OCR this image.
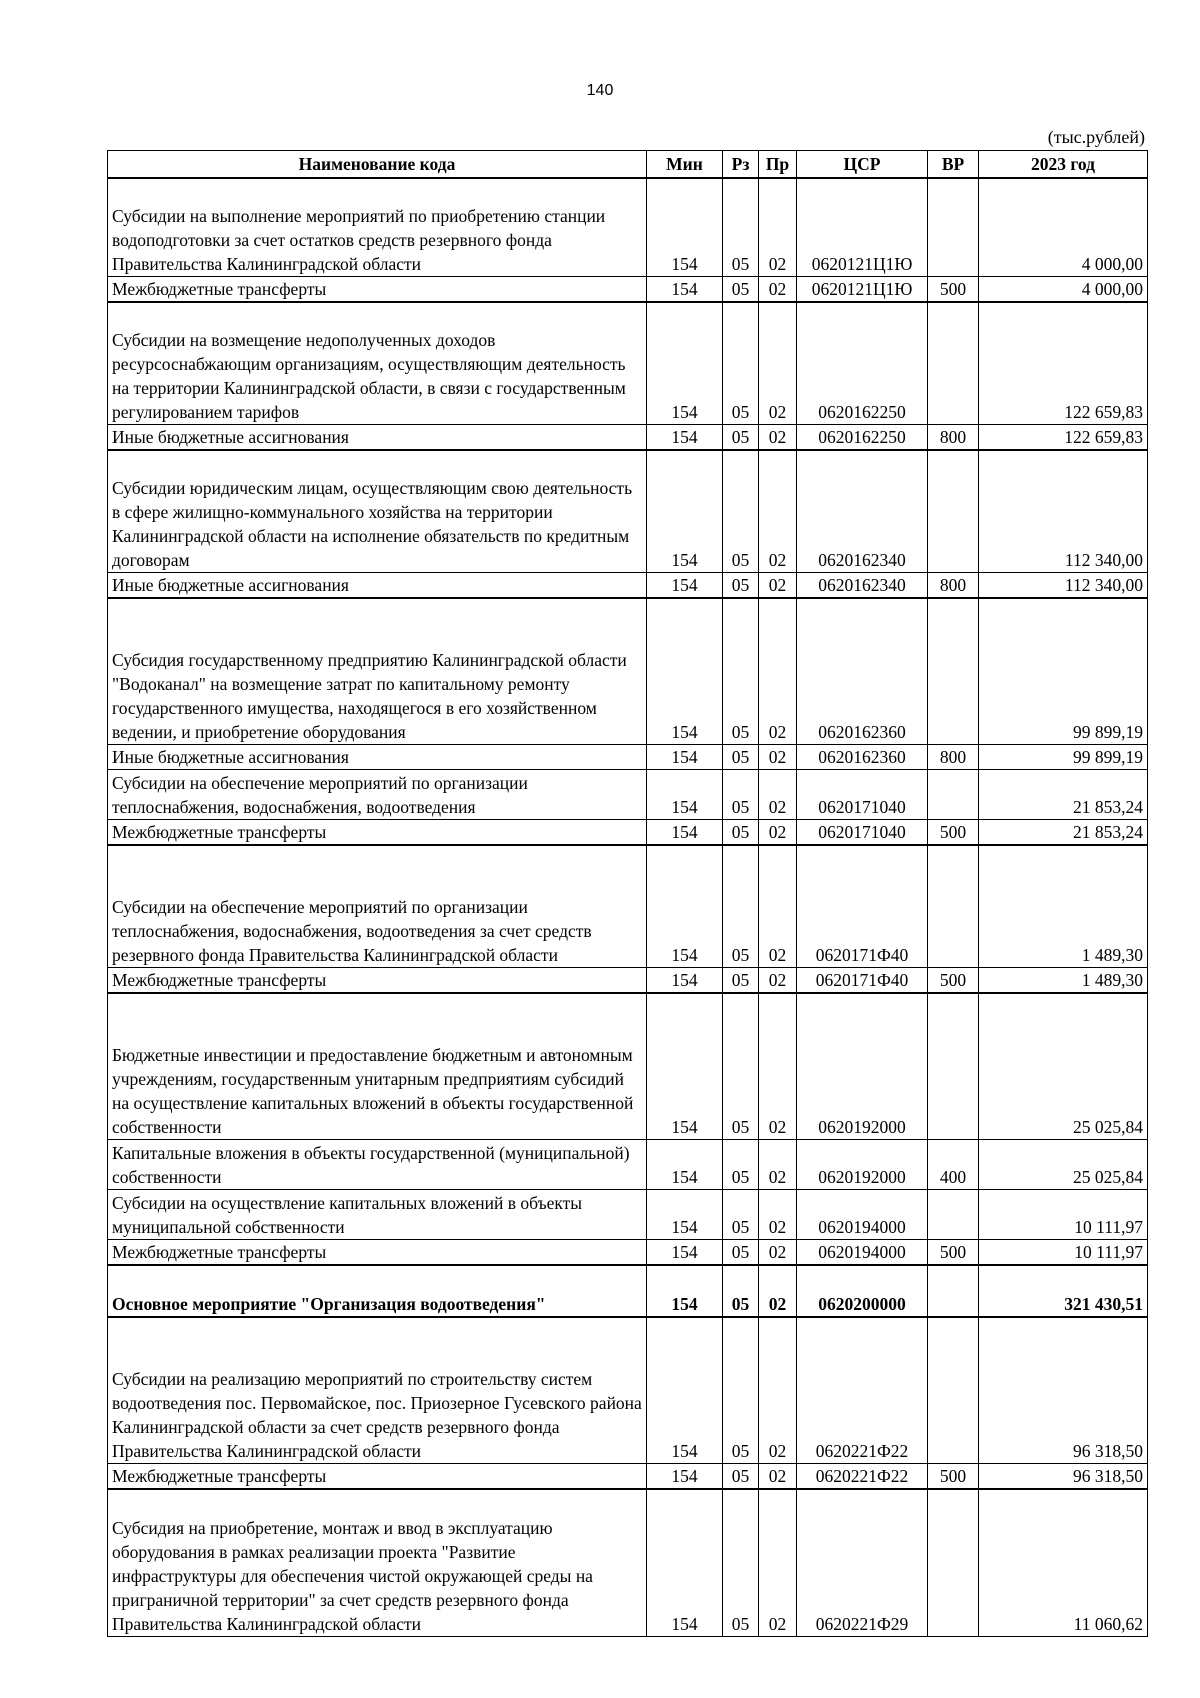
140
(тыс.рублей)
Наименование кода	Мин	Рз	Пр	ЦСР	ВР	2023 год
Субсидии на выполнение мероприятий по приобретению станции водоподготовки за счет остатков средств резервного фонда Правительства Калининградской области	154	05	02	0620121Ц1Ю		4 000,00
Межбюджетные трансферты	154	05	02	0620121Ц1Ю	500	4 000,00
Субсидии на возмещение недополученных доходов ресурсоснабжающим организациям, осуществляющим деятельность на территории Калининградской области, в связи с государственным регулированием тарифов	154	05	02	0620162250		122 659,83
Иные бюджетные ассигнования	154	05	02	0620162250	800	122 659,83
Субсидии юридическим лицам, осуществляющим свою деятельность в сфере жилищно-коммунального хозяйства на территории Калининградской области на исполнение обязательств по кредитным договорам	154	05	02	0620162340		112 340,00
Иные бюджетные ассигнования	154	05	02	0620162340	800	112 340,00
Субсидия государственному предприятию Калининградской области "Водоканал" на возмещение затрат по капитальному ремонту государственного имущества, находящегося в его хозяйственном ведении, и приобретение оборудования	154	05	02	0620162360		99 899,19
Иные бюджетные ассигнования	154	05	02	0620162360	800	99 899,19
Субсидии на обеспечение мероприятий по организации теплоснабжения, водоснабжения, водоотведения	154	05	02	0620171040		21 853,24
Межбюджетные трансферты	154	05	02	0620171040	500	21 853,24
Субсидии на обеспечение мероприятий по организации теплоснабжения, водоснабжения, водоотведения за счет средств резервного фонда Правительства Калининградской области	154	05	02	0620171Ф40		1 489,30
Межбюджетные трансферты	154	05	02	0620171Ф40	500	1 489,30
Бюджетные инвестиции и предоставление бюджетным и автономным учреждениям, государственным унитарным предприятиям субсидий на осуществление капитальных вложений в объекты государственной собственности	154	05	02	0620192000		25 025,84
Капитальные вложения в объекты государственной (муниципальной) собственности	154	05	02	0620192000	400	25 025,84
Субсидии на осуществление капитальных вложений в объекты муниципальной собственности	154	05	02	0620194000		10 111,97
Межбюджетные трансферты	154	05	02	0620194000	500	10 111,97
Основное мероприятие "Организация водоотведения"	154	05	02	0620200000		321 430,51
Субсидии на реализацию мероприятий по строительству систем водоотведения пос. Первомайское, пос. Приозерное Гусевского района Калининградской области за счет средств резервного фонда Правительства Калининградской области	154	05	02	0620221Ф22		96 318,50
Межбюджетные трансферты	154	05	02	0620221Ф22	500	96 318,50
Субсидия на приобретение, монтаж и ввод в эксплуатацию оборудования в рамках реализации проекта "Развитие инфраструктуры для обеспечения чистой окружающей среды на приграничной территории" за счет средств резервного фонда Правительства Калининградской области	154	05	02	0620221Ф29		11 060,62
